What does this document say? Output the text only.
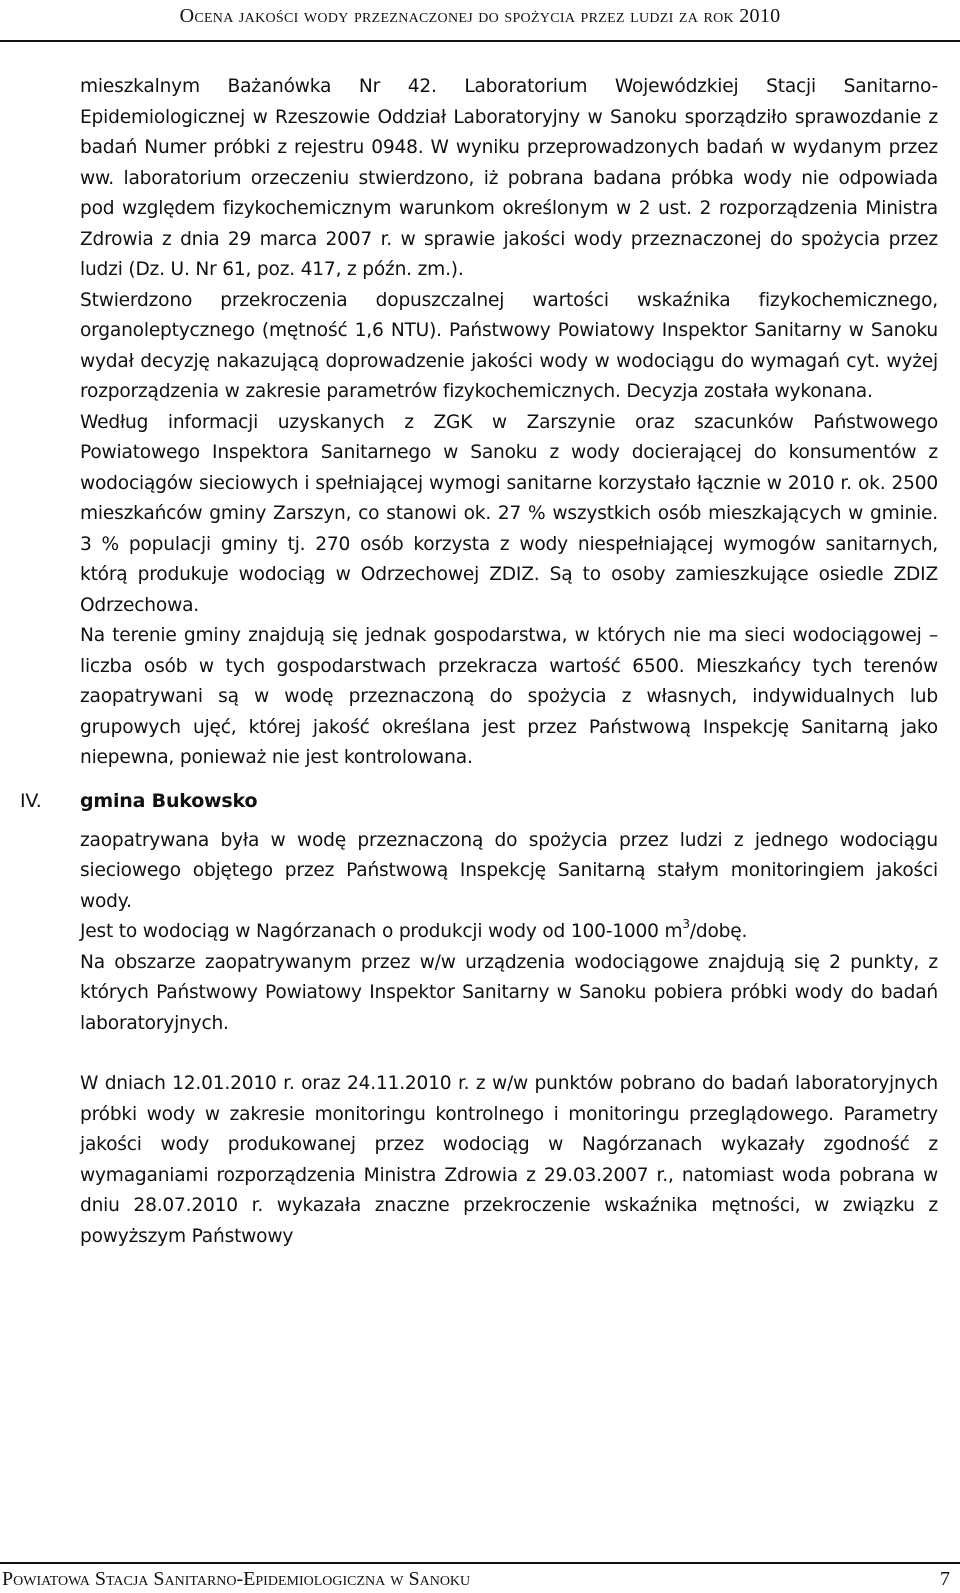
Ocena jakości wody przeznaczonej do spożycia przez ludzi za rok 2010

mieszkalnym Bażanówka Nr 42. Laboratorium Wojewódzkiej Stacji Sanitarno-Epidemiologicznej w Rzeszowie Oddział Laboratoryjny w Sanoku sporządziło sprawozdanie z badań Numer próbki z rejestru 0948. W wyniku przeprowadzonych badań w wydanym przez ww. laboratorium orzeczeniu stwierdzono, iż pobrana badana próbka wody nie odpowiada pod względem fizykochemicznym warunkom określonym w 2 ust. 2 rozporządzenia Ministra Zdrowia z dnia 29 marca 2007 r. w sprawie jakości wody przeznaczonej do spożycia przez ludzi (Dz. U. Nr 61, poz. 417, z późn. zm.).

Stwierdzono przekroczenia dopuszczalnej wartości wskaźnika fizykochemicznego, organoleptycznego (mętność 1,6 NTU). Państwowy Powiatowy Inspektor Sanitarny w Sanoku wydał decyzję nakazującą doprowadzenie jakości wody w wodociągu do wymagań cyt. wyżej rozporządzenia w zakresie parametrów fizykochemicznych. Decyzja została wykonana.

Według informacji uzyskanych z ZGK w Zarszynie oraz szacunków Państwowego Powiatowego Inspektora Sanitarnego w Sanoku z wody docierającej do konsumentów z wodociągów sieciowych i spełniającej wymogi sanitarne korzystało łącznie w 2010 r. ok. 2500 mieszkańców gminy Zarszyn, co stanowi ok. 27 % wszystkich osób mieszkających w gminie. 3 % populacji gminy tj. 270 osób korzysta z wody niespełniającej wymogów sanitarnych, którą produkuje wodociąg w Odrzechowej ZDIZ. Są to osoby zamieszkujące osiedle ZDIZ Odrzechowa.

Na terenie gminy znajdują się jednak gospodarstwa, w których nie ma sieci wodociągowej – liczba osób w tych gospodarstwach przekracza wartość 6500. Mieszkańcy tych terenów zaopatrywani są w wodę przeznaczoną do spożycia z własnych, indywidualnych lub grupowych ujęć, której jakość określana jest przez Państwową Inspekcję Sanitarną jako niepewna, ponieważ nie jest kontrolowana.

IV. gmina Bukowsko

zaopatrywana była w wodę przeznaczoną do spożycia przez ludzi z jednego wodociągu sieciowego objętego przez Państwową Inspekcję Sanitarną stałym monitoringiem jakości wody.

Jest to wodociąg w Nagórzanach o produkcji wody od 100-1000 $m^3$/dobę.

Na obszarze zaopatrywanym przez w/w urządzenia wodociągowe znajdują się 2 punkty, z których Państwowy Powiatowy Inspektor Sanitarny w Sanoku pobiera próbki wody do badań laboratoryjnych.

W dniach 12.01.2010 r. oraz 24.11.2010 r. z w/w punktów pobrano do badań laboratoryjnych próbki wody w zakresie monitoringu kontrolnego i monitoringu przeglądowego. Parametry jakości wody produkowanej przez wodociąg w Nagórzanach wykazały zgodność z wymaganiami rozporządzenia Ministra Zdrowia z 29.03.2007 r., natomiast woda pobrana w dniu 28.07.2010 r. wykazała znaczne przekroczenie wskaźnika mętności, w związku z powyższym Państwowy

Powiatowa Stacja Sanitarno-Epidemiologiczna w Sanoku	7
